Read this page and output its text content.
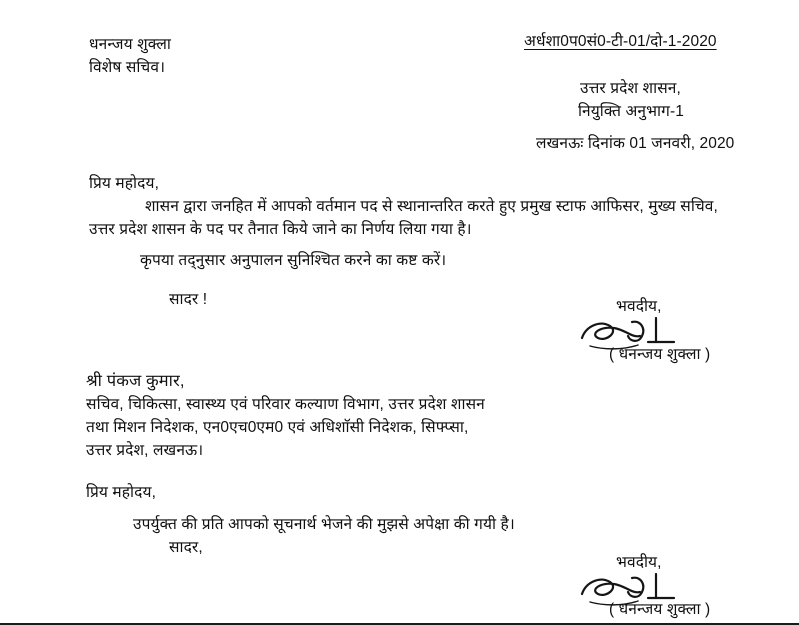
अर्धशा0प0सं0-टी-01/दो-1-2020
धनन्जय शुक्ला
विशेष सचिव।
उत्तर प्रदेश शासन,
नियुक्ति अनुभाग-1
लखनऊः दिनांक 01 जनवरी, 2020
प्रिय महोदय,
शासन द्वारा जनहित में आपको वर्तमान पद से स्थानान्तरित करते हुए प्रमुख स्टाफ आफिसर, मुख्य सचिव,
उत्तर प्रदेश शासन के पद पर तैनात किये जाने का निर्णय लिया गया है।
कृपया तद्नुसार अनुपालन सुनिश्चित करने का कष्ट करें।
सादर !	भवदीय,
( धनन्जय शुक्ला )
श्री पंकज कुमार,
सचिव, चिकित्सा, स्वास्थ्य एवं परिवार कल्याण विभाग, उत्तर प्रदेश शासन
तथा मिशन निदेशक, एन0एच0एम0 एवं अधिशाॅसी निदेशक, सिफ्प्सा,
उत्तर प्रदेश, लखनऊ।
प्रिय महोदय,
उपर्युक्त की प्रति आपको सूचनार्थ भेजने की मुझसे अपेक्षा की गयी है।
सादर,
भवदीय,
( धनन्जय शुक्ला )
